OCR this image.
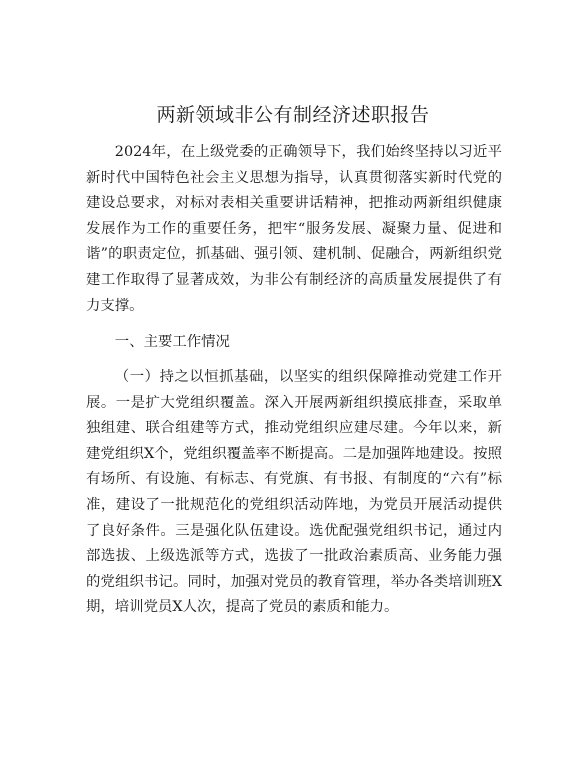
两新领域非公有制经济述职报告

2024年，在上级党委的正确领导下，我们始终坚持以习近平新时代中国特色社会主义思想为指导，认真贯彻落实新时代党的建设总要求，对标对表相关重要讲话精神，把推动两新组织健康发展作为工作的重要任务，把牢“服务发展、凝聚力量、促进和谐”的职责定位，抓基础、强引领、建机制、促融合，两新组织党建工作取得了显著成效，为非公有制经济的高质量发展提供了有力支撑。

一、主要工作情况

（一）持之以恒抓基础，以坚实的组织保障推动党建工作开展。一是扩大党组织覆盖。深入开展两新组织摸底排查，采取单独组建、联合组建等方式，推动党组织应建尽建。今年以来，新建党组织X个，党组织覆盖率不断提高。二是加强阵地建设。按照有场所、有设施、有标志、有党旗、有书报、有制度的“六有”标准，建设了一批规范化的党组织活动阵地，为党员开展活动提供了良好条件。三是强化队伍建设。选优配强党组织书记，通过内部选拔、上级选派等方式，选拔了一批政治素质高、业务能力强的党组织书记。同时，加强对党员的教育管理，举办各类培训班X期，培训党员X人次，提高了党员的素质和能力。
